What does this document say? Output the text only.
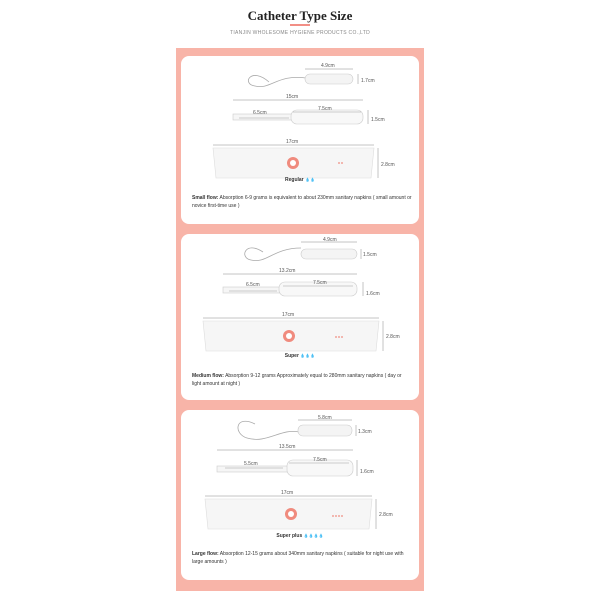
Catheter Type Size
TIANJIN WHOLESOME HYGIENE PRODUCTS CO.,LTD
4.9cm
1.7cm
15cm
6.5cm
7.5cm
1.5cm
17cm
2.8cm
Regular 💧💧
Small flow: Absorption 6-9 grams is equivalent to about 230mm sanitary napkins ( small amount or novice first-time use )
4.9cm
1.5cm
13.2cm
6.5cm	7.5cm
1.6cm
17cm
2.8cm
Super 💧💧💧
Medium flow: Absorption 9-12 grams Approximately equal to 280mm sanitary napkins ( day or light amount at night )
5.8cm
1.3cm
13.5cm
5.5cm
7.5cm
1.6cm
17cm
2.8cm
Super plus 💧💧💧💧
Large flow: Absorption 12-15 grams about 340mm sanitary napkins ( suitable for night use with large amounts )
